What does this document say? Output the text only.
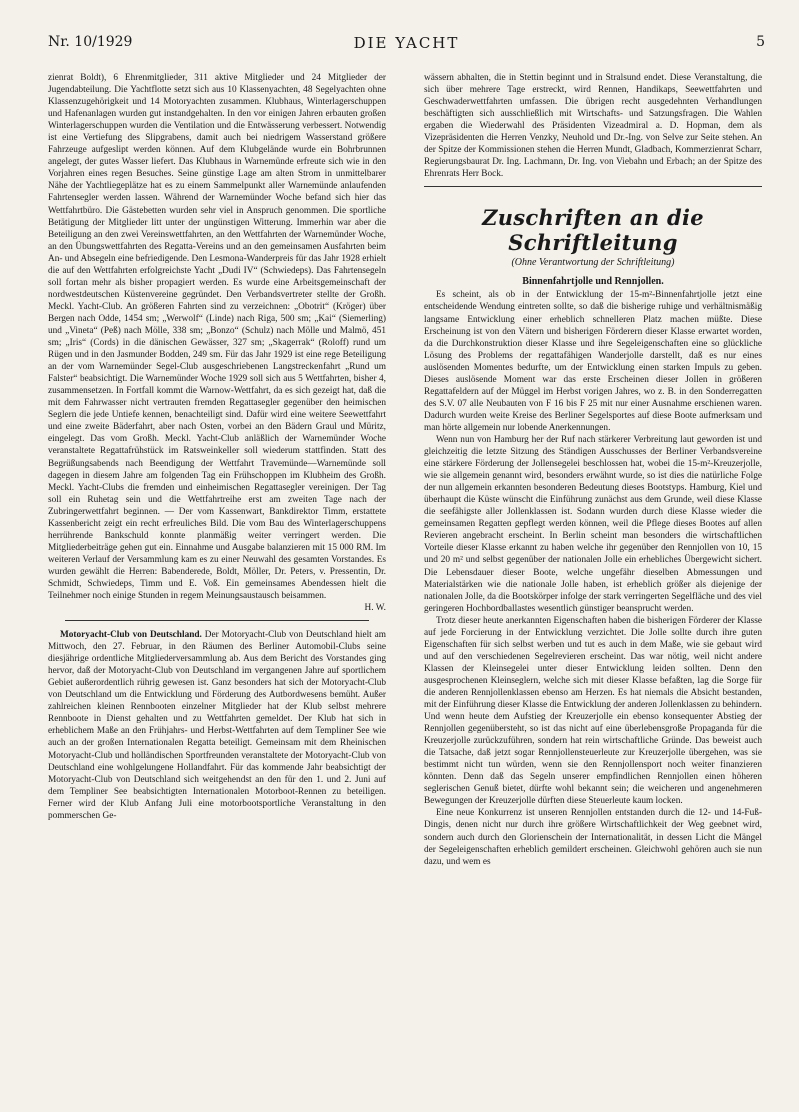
Nr. 10/1929	DIE YACHT	5

zienrat Boldt), 6 Ehrenmitglieder, 311 aktive Mitglieder und 24 Mitglieder der Jugendabteilung. Die Yachtflotte setzt sich aus 10 Klassenyachten, 48 Segelyachten ohne Klassenzugehörigkeit und 14 Motoryachten zusammen. Klubhaus, Winterlagerschuppen und Hafenanlagen wurden gut instandgehalten. In den vor einigen Jahren erbauten großen Winterlagerschuppen wurden die Ventilation und die Entwässerung verbessert. Notwendig ist eine Vertiefung des Slipgrabens, damit auch bei niedrigem Wasserstand größere Fahrzeuge aufgeslipt werden können. Auf dem Klubgelände wurde ein Bohrbrunnen angelegt, der gutes Wasser liefert. Das Klubhaus in Warnemünde erfreute sich wie in den Vorjahren eines regen Besuches. Seine günstige Lage am alten Strom in unmittelbarer Nähe der Yachtliegeplätze hat es zu einem Sammelpunkt aller Warnemünde anlaufenden Fahrtensegler werden lassen. Während der Warnemünder Woche befand sich hier das Wettfahrtbüro. Die Gästebetten wurden sehr viel in Anspruch genommen. Die sportliche Betätigung der Mitglieder litt unter der ungünstigen Witterung. Immerhin war aber die Beteiligung an den zwei Vereinswettfahrten, an den Wettfahrten der Warnemünder Woche, an den Übungswettfahrten des Regatta-Vereins und an den gemeinsamen Ausfahrten beim An- und Absegeln eine befriedigende. Den Lesmona-Wanderpreis für das Jahr 1928 erhielt die auf den Wettfahrten erfolgreichste Yacht „Dudi IV“ (Schwiedeps). Das Fahrtensegeln soll fortan mehr als bisher propagiert werden. Es wurde eine Arbeitsgemeinschaft der nordwestdeutschen Küstenvereine gegründet. Den Verbandsvertreter stellte der Großh. Meckl. Yacht-Club. An größeren Fahrten sind zu verzeichnen: „Obotrit“ (Kröger) über Bergen nach Odde, 1454 sm; „Werwolf“ (Linde) nach Riga, 500 sm; „Kai“ (Siemerling) und „Vineta“ (Peß) nach Mölle, 338 sm; „Bonzo“ (Schulz) nach Mölle und Malmö, 451 sm; „Iris“ (Cords) in die dänischen Gewässer, 327 sm; „Skagerrak“ (Roloff) rund um Rügen und in den Jasmunder Bodden, 249 sm. Für das Jahr 1929 ist eine rege Beteiligung an der vom Warnemünder Segel-Club ausgeschriebenen Langstreckenfahrt „Rund um Falster“ beabsichtigt. Die Warnemünder Woche 1929 soll sich aus 5 Wettfahrten, bisher 4, zusammensetzen. In Fortfall kommt die Warnow-Wettfahrt, da es sich gezeigt hat, daß die mit dem Fahrwasser nicht vertrauten fremden Regattasegler gegenüber den heimischen Seglern die jede Untiefe kennen, benachteiligt sind. Dafür wird eine weitere Seewettfahrt und eine zweite Bäderfahrt, aber nach Osten, vorbei an den Bädern Graul und Müritz, eingelegt. Das vom Großh. Meckl. Yacht-Club anläßlich der Warnemünder Woche veranstaltete Regattafrühstück im Ratsweinkeller soll wiederum stattfinden. Statt des Begrüßungsabends nach Beendigung der Wettfahrt Travemünde—Warnemünde soll dagegen in diesem Jahre am folgenden Tag ein Frühschoppen im Klubheim des Großh. Meckl. Yacht-Clubs die fremden und einheimischen Regattasegler vereinigen. Der Tag soll ein Ruhetag sein und die Wettfahrtreihe erst am zweiten Tage nach der Zubringerwettfahrt beginnen. — Der vom Kassenwart, Bankdirektor Timm, erstattete Kassenbericht zeigt ein recht erfreuliches Bild. Die vom Bau des Winterlagerschuppens herrührende Bankschuld konnte planmäßig weiter verringert werden. Die Mitgliederbeiträge gehen gut ein. Einnahme und Ausgabe balanzieren mit 15 000 RM. Im weiteren Verlauf der Versammlung kam es zu einer Neuwahl des gesamten Vorstandes. Es wurden gewählt die Herren: Babenderede, Boldt, Möller, Dr. Peters, v. Pressentin, Dr. Schmidt, Schwiedeps, Timm und E. Voß. Ein gemeinsames Abendessen hielt die Teilnehmer noch einige Stunden in regem Meinungsaustausch beisammen.

H. W.

Motoryacht-Club von Deutschland. Der Motoryacht-Club von Deutschland hielt am Mittwoch, den 27. Februar, in den Räumen des Berliner Automobil-Clubs seine diesjährige ordentliche Mitgliederversammlung ab. Aus dem Bericht des Vorstandes ging hervor, daß der Motoryacht-Club von Deutschland im vergangenen Jahre auf sportlichem Gebiet außerordentlich rührig gewesen ist. Ganz besonders hat sich der Motoryacht-Club von Deutschland um die Entwicklung und Förderung des Autbordwesens bemüht. Außer zahlreichen kleinen Rennbooten einzelner Mitglieder hat der Klub selbst mehrere Rennboote in Dienst gehalten und zu Wettfahrten gemeldet. Der Klub hat sich in erheblichem Maße an den Frühjahrs- und Herbst-Wettfahrten auf dem Templiner See wie auch an der großen Internationalen Regatta beteiligt. Gemeinsam mit dem Rheinischen Motoryacht-Club und holländischen Sportfreunden veranstaltete der Motoryacht-Club von Deutschland eine wohlgelungene Hollandfahrt. Für das kommende Jahr beabsichtigt der Motoryacht-Club von Deutschland sich weitgehendst an den für den 1. und 2. Juni auf dem Templiner See beabsichtigten Internationalen Motorboot-Rennen zu beteiligen. Ferner wird der Klub Anfang Juli eine motorbootsportliche Veranstaltung in den pommerschen Ge-

wässern abhalten, die in Stettin beginnt und in Stralsund endet. Diese Veranstaltung, die sich über mehrere Tage erstreckt, wird Rennen, Handikaps, Seewettfahrten und Geschwaderwettfahrten umfassen. Die übrigen recht ausgedehnten Verhandlungen beschäftigten sich ausschließlich mit Wirtschafts- und Satzungsfragen. Die Wahlen ergaben die Wiederwahl des Präsidenten Vizeadmiral a. D. Hopman, dem als Vizepräsidenten die Herren Venzky, Neuhold und Dr.-Ing. von Selve zur Seite stehen. An der Spitze der Kommissionen stehen die Herren Mundt, Gladbach, Kommerzienrat Scharr, Regierungsbaurat Dr. Ing. Lachmann, Dr. Ing. von Viebahn und Erbach; an der Spitze des Ehrenrats Herr Bock.

Zuschriften an die Schriftleitung
(Ohne Verantwortung der Schriftleitung)
Binnenfahrtjolle und Rennjollen.

Es scheint, als ob in der Entwicklung der 15-m²-Binnenfahrtjolle jetzt eine entscheidende Wendung eintreten sollte, so daß die bisherige ruhige und verhältnismäßig langsame Entwicklung einer erheblich schnelleren Platz machen müßte. Diese Erscheinung ist von den Vätern und bisherigen Förderern dieser Klasse erwartet worden, da die Durchkonstruktion dieser Klasse und ihre Segeleigenschaften eine so glückliche Lösung des Problems der regattafähigen Wanderjolle darstellt, daß es nur eines auslösenden Momentes bedurfte, um der Entwicklung einen starken Impuls zu geben. Dieses auslösende Moment war das erste Erscheinen dieser Jollen in größeren Regattafeldern auf der Müggel im Herbst vorigen Jahres, wo z. B. in den Sonderregatten des S.V. 07 alle Neubauten von F 16 bis F 25 mit nur einer Ausnahme erschienen waren. Dadurch wurden weite Kreise des Berliner Segelsportes auf diese Boote aufmerksam und man hörte allgemein nur lobende Anerkennungen.

Wenn nun von Hamburg her der Ruf nach stärkerer Verbreitung laut geworden ist und gleichzeitig die letzte Sitzung des Ständigen Ausschusses der Berliner Verbandsvereine eine stärkere Förderung der Jollensegelei beschlossen hat, wobei die 15-m²-Kreuzerjolle, wie sie allgemein genannt wird, besonders erwähnt wurde, so ist dies die natürliche Folge der nun allgemein erkannten besonderen Bedeutung dieses Bootstyps. Hamburg, Kiel und überhaupt die Küste wünscht die Einführung zunächst aus dem Grunde, weil diese Klasse die seefähigste aller Jollenklassen ist. Sodann wurden durch diese Klasse wieder die gemeinsamen Regatten gepflegt werden können, weil die Pflege dieses Bootes auf allen Revieren angebracht erscheint. In Berlin scheint man besonders die wirtschaftlichen Vorteile dieser Klasse erkannt zu haben welche ihr gegenüber den Rennjollen von 10, 15 und 20 m² und selbst gegenüber der nationalen Jolle ein erhebliches Übergewicht sichert. Die Lebensdauer dieser Boote, welche ungefähr dieselben Abmessungen und Materialstärken wie die nationale Jolle haben, ist erheblich größer als diejenige der nationalen Jolle, da die Bootskörper infolge der stark verringerten Segelfläche und des viel geringeren Hochbordballastes wesentlich günstiger beansprucht werden.

Trotz dieser heute anerkannten Eigenschaften haben die bisherigen Förderer der Klasse auf jede Forcierung in der Entwicklung verzichtet. Die Jolle sollte durch ihre guten Eigenschaften für sich selbst werben und tut es auch in dem Maße, wie sie gebaut wird und auf den verschiedenen Segelrevieren erscheint. Das war nötig, weil nicht andere Klassen der Kleinsegelei unter dieser Entwicklung leiden sollten. Denn den ausgesprochenen Kleinseglern, welche sich mit dieser Klasse befaßten, lag die Sorge für die anderen Rennjollenklassen ebenso am Herzen. Es hat niemals die Absicht bestanden, mit der Einführung dieser Klasse die Entwicklung der anderen Jollenklassen zu behindern. Und wenn heute dem Aufstieg der Kreuzerjolle ein ebenso konsequenter Abstieg der Rennjollen gegenübersteht, so ist das nicht auf eine überlebensgroße Propaganda für die Kreuzerjolle zurückzuführen, sondern hat rein wirtschaftliche Gründe. Das beweist auch die Tatsache, daß jetzt sogar Rennjollensteuerleute zur Kreuzerjolle übergehen, was sie bestimmt nicht tun würden, wenn sie den Rennjollensport noch weiter finanzieren könnten. Denn daß das Segeln unserer empfindlichen Rennjollen einen höheren seglerischen Genuß bietet, dürfte wohl bekannt sein; die weicheren und angenehmeren Bewegungen der Kreuzerjolle dürften diese Steuerleute kaum locken.

Eine neue Konkurrenz ist unseren Rennjollen entstanden durch die 12- und 14-Fuß-Dingis, denen nicht nur durch ihre größere Wirtschaftlichkeit der Weg geebnet wird, sondern auch durch den Glorienschein der Internationalität, in dessen Licht die Mängel der Segeleigenschaften erheblich gemildert erscheinen. Gleichwohl gehören auch sie nun dazu, und wem es
